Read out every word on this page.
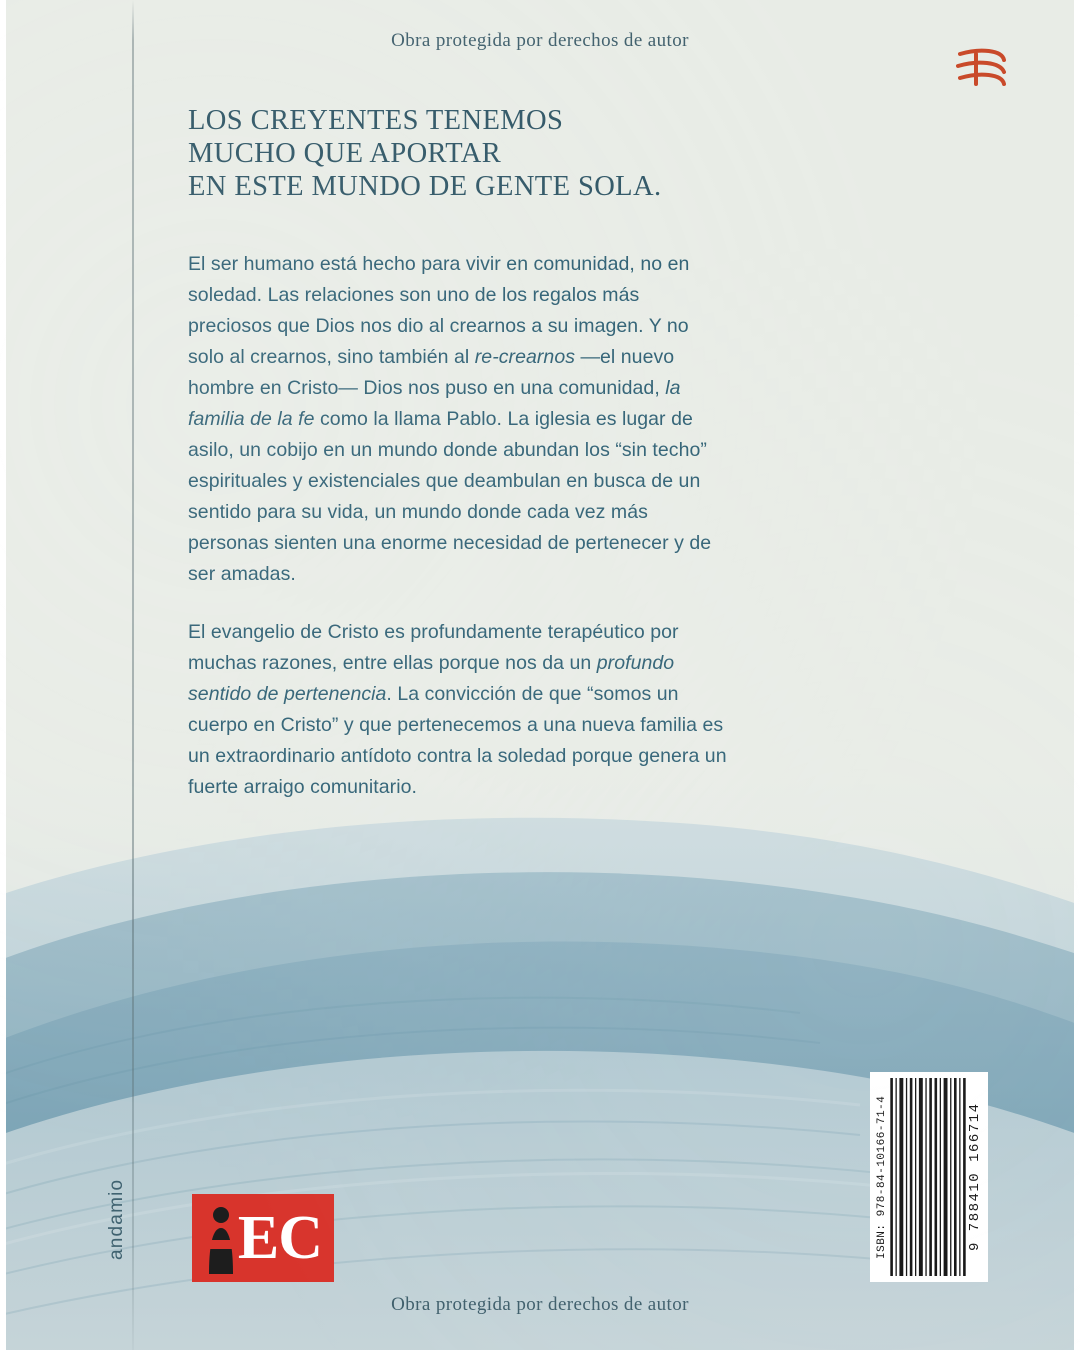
Obra protegida por derechos de autor
andamio
LOS CREYENTES TENEMOS
MUCHO QUE APORTAR
EN ESTE MUNDO DE GENTE SOLA.

El ser humano está hecho para vivir en comunidad, no en soledad. Las relaciones son uno de los regalos más preciosos que Dios nos dio al crearnos a su imagen. Y no solo al crearnos, sino también al re-crearnos —el nuevo hombre en Cristo— Dios nos puso en una comunidad, la familia de la fe como la llama Pablo. La iglesia es lugar de asilo, un cobijo en un mundo donde abundan los “sin techo” espirituales y existenciales que deambulan en busca de un sentido para su vida, un mundo donde cada vez más personas sienten una enorme necesidad de pertenecer y de ser amadas.

El evangelio de Cristo es profundamente terapéutico por muchas razones, entre ellas porque nos da un profundo sentido de pertenencia. La convicción de que “somos un cuerpo en Cristo” y que pertenecemos a una nueva familia es un extraordinario antídoto contra la soledad porque genera un fuerte arraigo comunitario.

EC	ISBN: 978-84-10166-71-4	9 788410 166714
Obra protegida por derechos de autor
